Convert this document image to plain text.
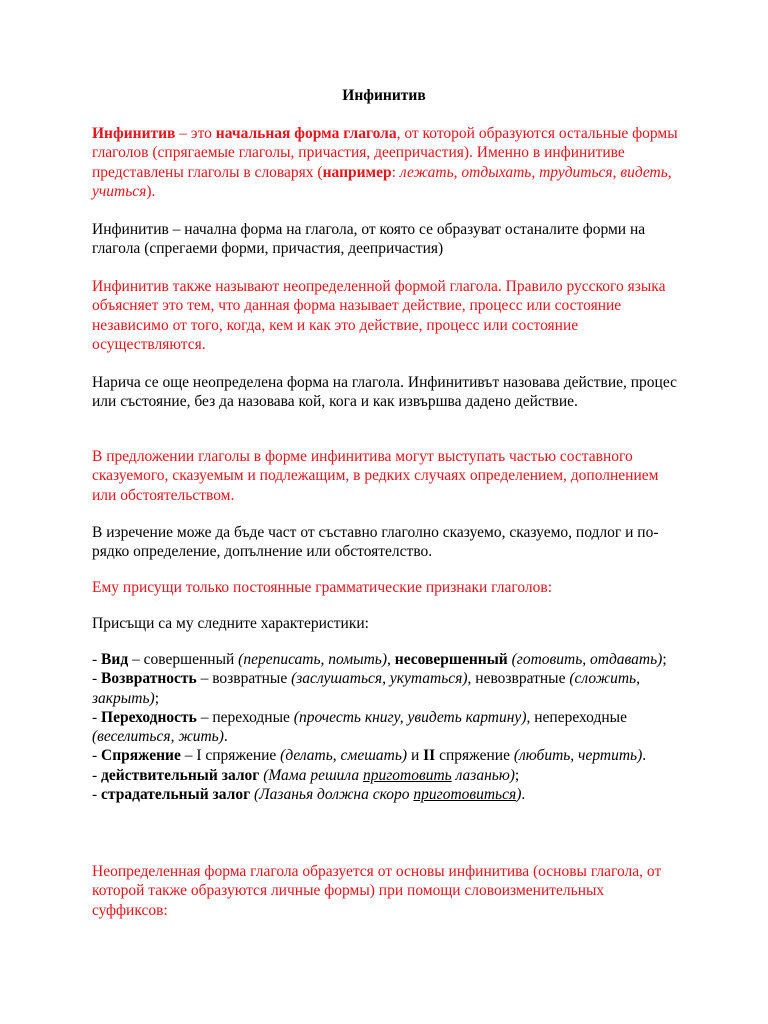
Инфинитив

Инфинитив – это начальная форма глагола, от которой образуются остальные формы глаголов (спрягаемые глаголы, причастия, деепричастия). Именно в инфинитиве представлены глаголы в словарях (например: лежать, отдыхать, трудиться, видеть, учиться).

Инфинитив – начална форма на глагола, от която се образуват останалите форми на глагола (спрегаеми форми, причастия, деепричастия)

Инфинитив также называют неопределенной формой глагола. Правило русского языка объясняет это тем, что данная форма называет действие, процесс или состояние независимо от того, когда, кем и как это действие, процесс или состояние осуществляются.

Нарича се още неопределена форма на глагола. Инфинитивът назовава действие, процес или състояние, без да назовава кой, кога и как извършва дадено действие.

В предложении глаголы в форме инфинитива могут выступать частью составного сказуемого, сказуемым и подлежащим, в редких случаях определением, дополнением или обстоятельством.

В изречение може да бъде част от съставно глаголно сказуемо, сказуемо, подлог и по-рядко определение, допълнение или обстоятелство.

Ему присущи только постоянные грамматические признаки глаголов:

Присъщи са му следните характеристики:

- Вид – совершенный (переписать, помыть), несовершенный (готовить, отдавать);
- Возвратность – возвратные (заслушаться, укутаться), невозвратные (сложить, закрыть);
- Переходность – переходные (прочесть книгу, увидеть картину), непереходные (веселиться, жить).
- Спряжение – I спряжение (делать, смешать) и II спряжение (любить, чертить).
- действительный залог (Мама решила приготовить лазанью);
- страдательный залог (Лазанья должна скоро приготовиться).

Неопределенная форма глагола образуется от основы инфинитива (основы глагола, от которой также образуются личные формы) при помощи словоизменительных суффиксов:
